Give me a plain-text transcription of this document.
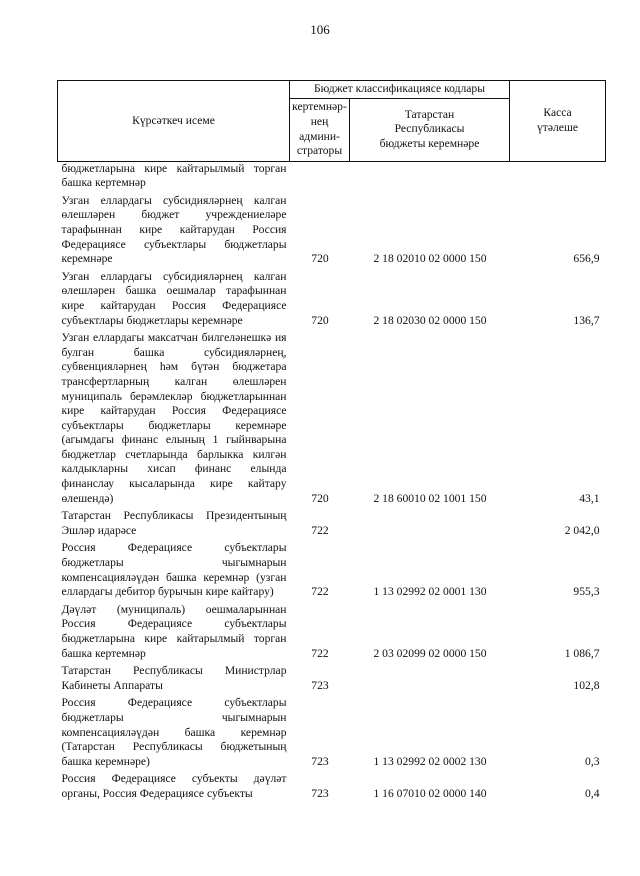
106
Күрсәткеч исеме	Бюджет классификациясе кодлары		Касса
үтәлеше
	кертемнәр-
нең
админи-
страторы	Татарстан
Республикасы
бюджеты керемнәре	
бюджетларына кире кайтарылмый торган башка кертемнәр			
Узган еллардагы субсидияләрнең калган өлешләрен бюджет учреждениеләре тарафыннан кире кайтарудан Россия Федерациясе субъектлары бюджетлары керемнәре	720	2 18 02010 02 0000 150	656,9
Узган еллардагы субсидияләрнең калган өлешләрен башка оешмалар тарафыннан кире кайтарудан Россия Федерациясе субъектлары бюджетлары керемнәре	720	2 18 02030 02 0000 150	136,7
Узган еллардагы максатчан билгеләнешкә ия булган башка субсидияләрнең, субвенцияләрнең һәм бүтән бюджетара трансфертларның калган өлешләрен муниципаль берәмлекләр бюджетларыннан кире кайтарудан Россия Федерациясе субъектлары бюджетлары керемнәре (агымдагы финанс елының 1 гыйнварына бюджетлар счетларында барлыкка килгән калдыкларны хисап финанс елында финанслау кысаларында кире кайтару өлешендә)	720	2 18 60010 02 1001 150	43,1
Татарстан Республикасы Президентының Эшләр идарәсе	722		2 042,0
Россия Федерациясе субъектлары бюджетлары чыгымнарын компенсацияләүдән башка керемнәр (узган еллардагы дебитор бурычын кире кайтару)	722	1 13 02992 02 0001 130	955,3
Дәүләт (муниципаль) оешмаларыннан Россия Федерациясе субъектлары бюджетларына кире кайтарылмый торган башка кертемнәр	722	2 03 02099 02 0000 150	1 086,7
Татарстан Республикасы Министрлар Кабинеты Аппараты	723		102,8
Россия Федерациясе субъектлары бюджетлары чыгымнарын компенсацияләүдән башка керемнәр (Татарстан Республикасы бюджетының башка керемнәре)	723	1 13 02992 02 0002 130	0,3
Россия Федерациясе субъекты дәүләт органы, Россия Федерациясе субъекты	723	1 16 07010 02 0000 140	0,4
